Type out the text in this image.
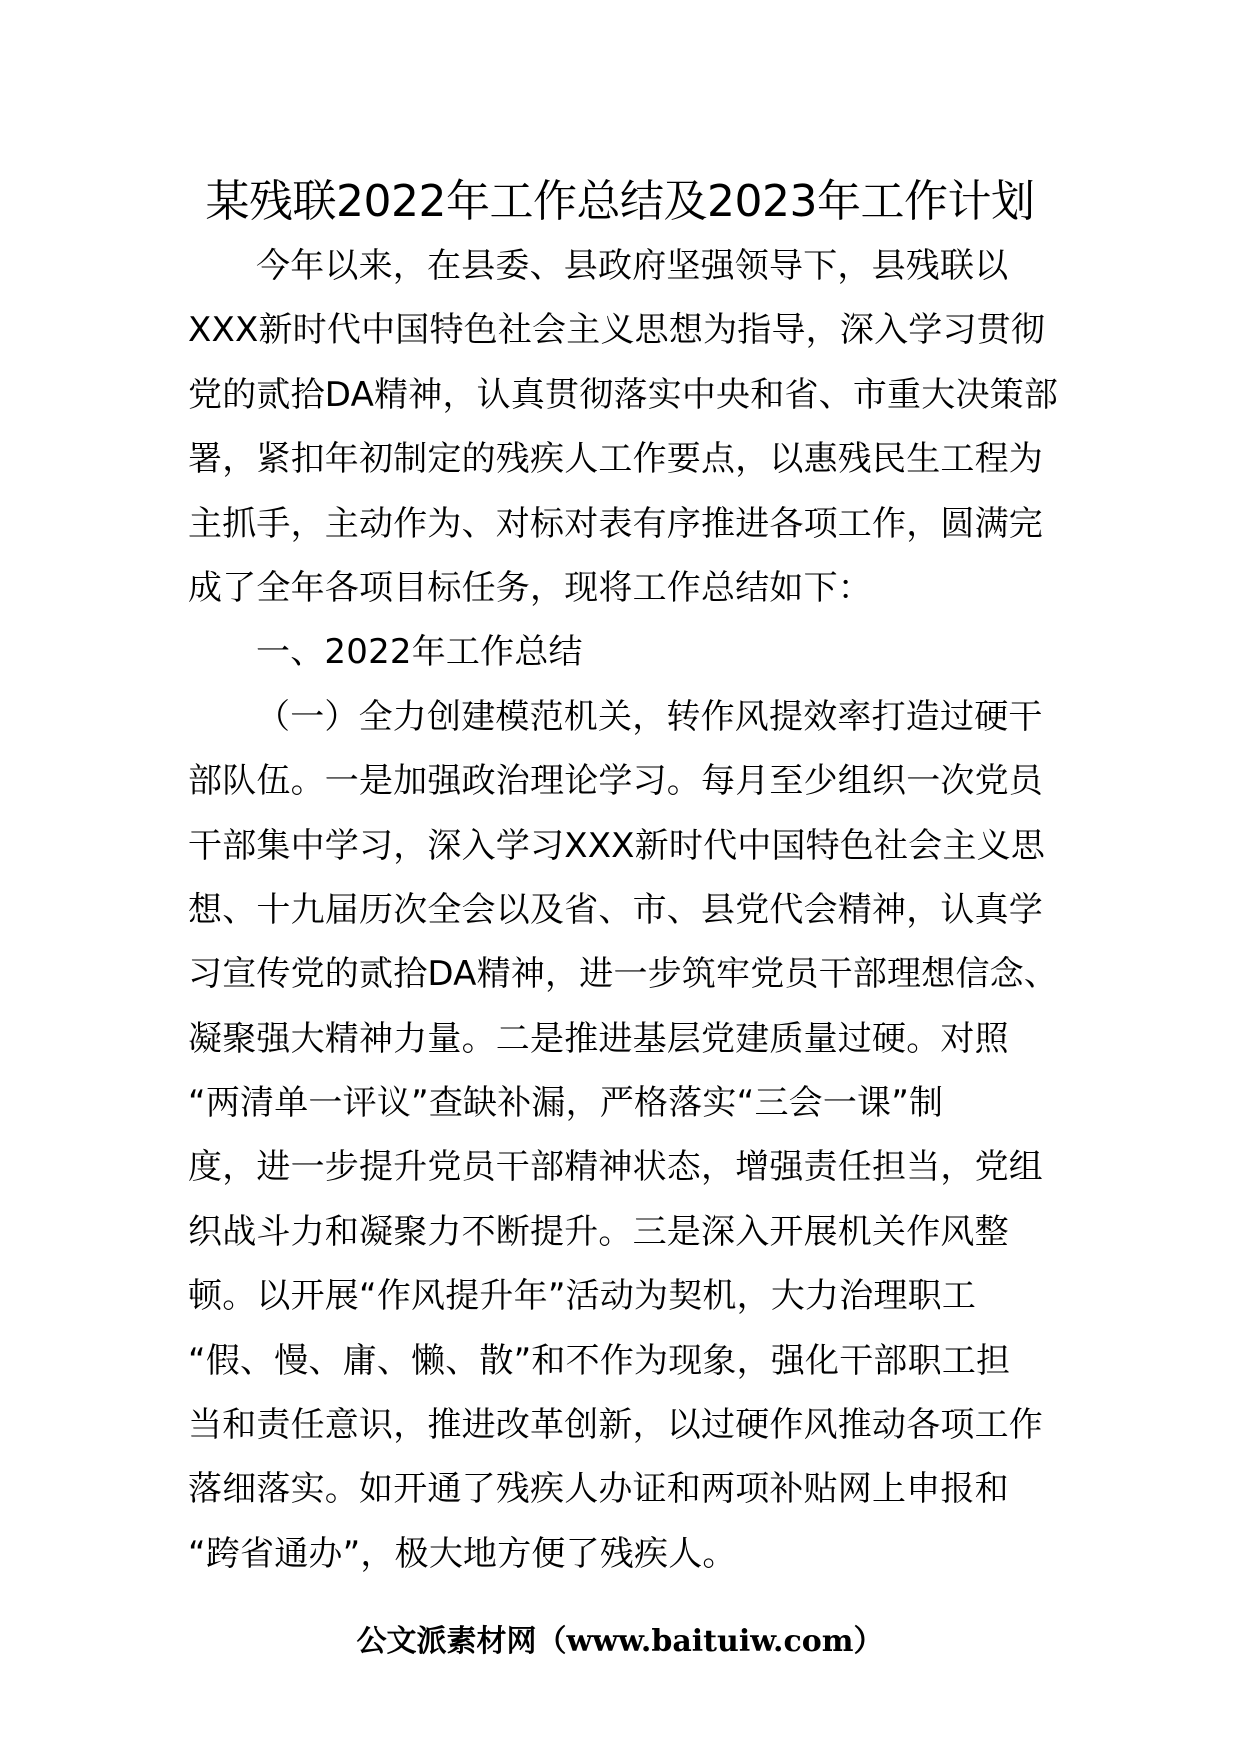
某残联2022年工作总结及2023年工作计划
今年以来，在县委、县政府坚强领导下，县残联以
XXX新时代中国特色社会主义思想为指导，深入学习贯彻
党的贰拾DA精神，认真贯彻落实中央和省、市重大决策部
署，紧扣年初制定的残疾人工作要点，以惠残民生工程为
主抓手，主动作为、对标对表有序推进各项工作，圆满完
成了全年各项目标任务，现将工作总结如下：
一、2022年工作总结
（一）全力创建模范机关，转作风提效率打造过硬干
部队伍。一是加强政治理论学习。每月至少组织一次党员
干部集中学习，深入学习XXX新时代中国特色社会主义思
想、十九届历次全会以及省、市、县党代会精神，认真学
习宣传党的贰拾DA精神，进一步筑牢党员干部理想信念、
凝聚强大精神力量。二是推进基层党建质量过硬。对照
“两清单一评议”查缺补漏，严格落实“三会一课”制
度，进一步提升党员干部精神状态，增强责任担当，党组
织战斗力和凝聚力不断提升。三是深入开展机关作风整
顿。以开展“作风提升年”活动为契机，大力治理职工
“假、慢、庸、懒、散”和不作为现象，强化干部职工担
当和责任意识，推进改革创新，以过硬作风推动各项工作
落细落实。如开通了残疾人办证和两项补贴网上申报和
“跨省通办”，极大地方便了残疾人。
公文派素材网（www.baituiw.com）
